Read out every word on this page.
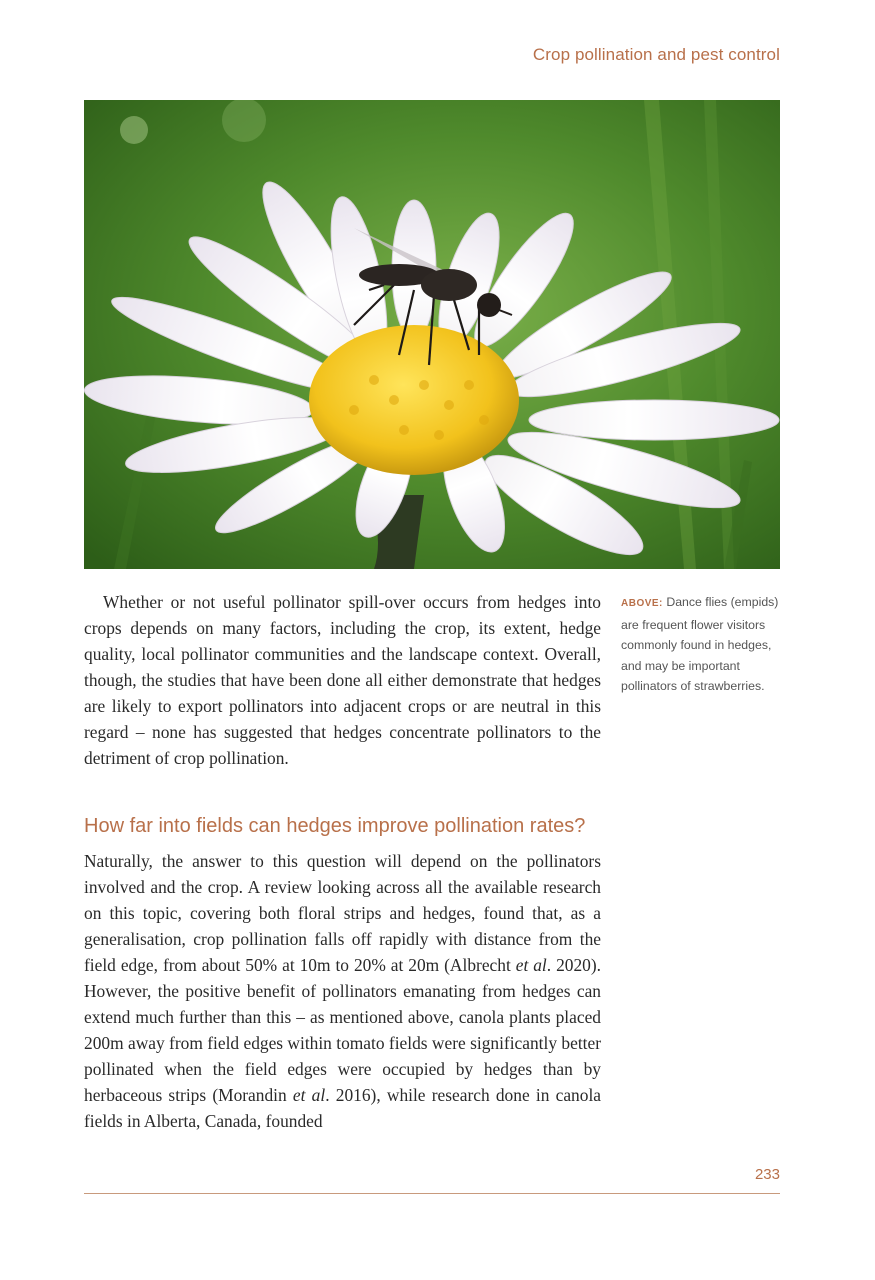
Crop pollination and pest control

Whether or not useful pollinator spill-over occurs from hedges into crops depends on many factors, including the crop, its extent, hedge quality, local pollinator communities and the landscape context. Overall, though, the studies that have been done all either demonstrate that hedges are likely to export pollinators into adjacent crops or are neutral in this regard – none has suggested that hedges concentrate pollinators to the detriment of crop pollination.

ABOVE: Dance flies (empids) are frequent flower visitors commonly found in hedges, and may be important pollinators of strawberries.

How far into fields can hedges improve pollination rates?

Naturally, the answer to this question will depend on the pollinators involved and the crop. A review looking across all the available research on this topic, covering both floral strips and hedges, found that, as a generalisation, crop pollination falls off rapidly with distance from the field edge, from about 50% at 10m to 20% at 20m (Albrecht et al. 2020). However, the positive benefit of pollinators emanating from hedges can extend much further than this – as mentioned above, canola plants placed 200m away from field edges within tomato fields were significantly better pollinated when the field edges were occupied by hedges than by herbaceous strips (Morandin et al. 2016), while research done in canola fields in Alberta, Canada, founded

233
